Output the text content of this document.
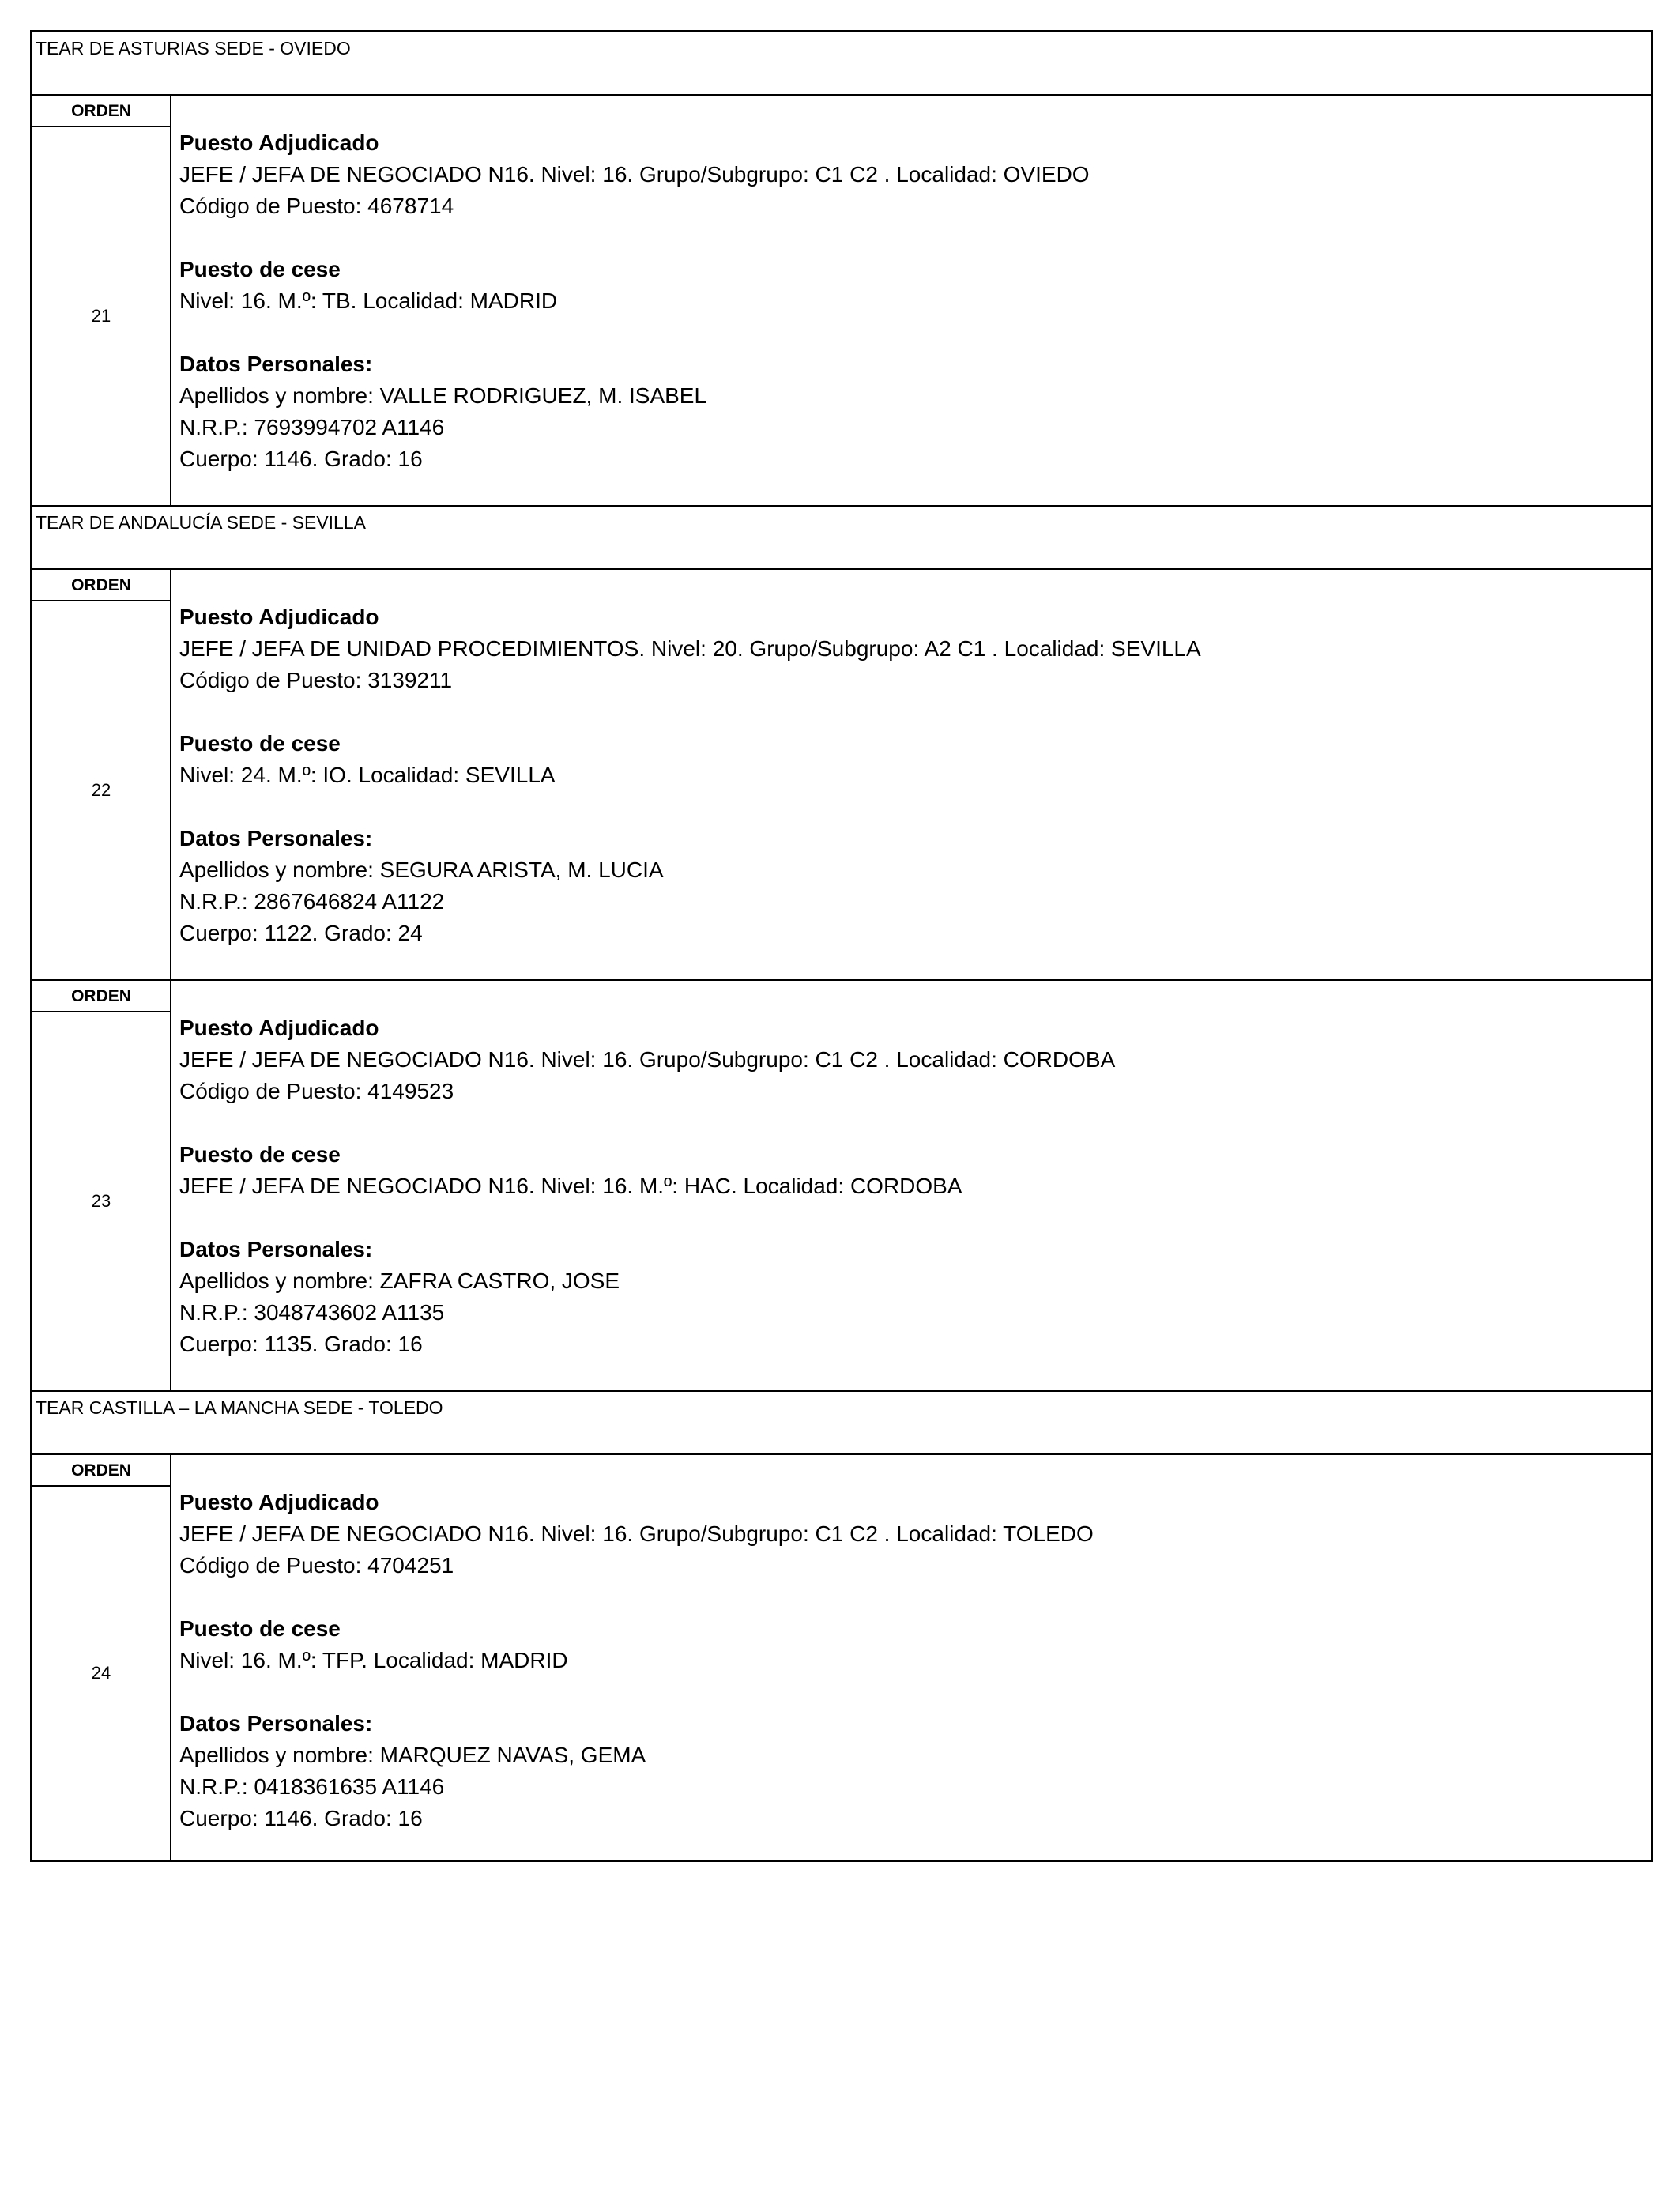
TEAR DE ASTURIAS SEDE - OVIEDO
ORDEN
21
Puesto Adjudicado
JEFE / JEFA DE NEGOCIADO N16. Nivel: 16. Grupo/Subgrupo: C1 C2 . Localidad: OVIEDO
Código de Puesto: 4678714
Puesto de cese
Nivel: 16. M.º: TB. Localidad: MADRID
Datos Personales:
Apellidos y nombre: VALLE RODRIGUEZ, M. ISABEL
N.R.P.: 7693994702 A1146
Cuerpo: 1146. Grado: 16
TEAR DE ANDALUCÍA SEDE - SEVILLA
ORDEN
22
Puesto Adjudicado
JEFE / JEFA DE UNIDAD PROCEDIMIENTOS. Nivel: 20. Grupo/Subgrupo: A2 C1 . Localidad: SEVILLA
Código de Puesto: 3139211
Puesto de cese
Nivel: 24. M.º: IO. Localidad: SEVILLA
Datos Personales:
Apellidos y nombre: SEGURA ARISTA, M. LUCIA
N.R.P.: 2867646824 A1122
Cuerpo: 1122. Grado: 24
ORDEN
23
Puesto Adjudicado
JEFE / JEFA DE NEGOCIADO N16. Nivel: 16. Grupo/Subgrupo: C1 C2 . Localidad: CORDOBA
Código de Puesto: 4149523
Puesto de cese
JEFE / JEFA DE NEGOCIADO N16. Nivel: 16. M.º: HAC. Localidad: CORDOBA
Datos Personales:
Apellidos y nombre: ZAFRA CASTRO, JOSE
N.R.P.: 3048743602 A1135
Cuerpo: 1135. Grado: 16
TEAR CASTILLA – LA MANCHA SEDE - TOLEDO
ORDEN
24
Puesto Adjudicado
JEFE / JEFA DE NEGOCIADO N16. Nivel: 16. Grupo/Subgrupo: C1 C2 . Localidad: TOLEDO
Código de Puesto: 4704251
Puesto de cese
Nivel: 16. M.º: TFP. Localidad: MADRID
Datos Personales:
Apellidos y nombre: MARQUEZ NAVAS, GEMA
N.R.P.: 0418361635 A1146
Cuerpo: 1146. Grado: 16
